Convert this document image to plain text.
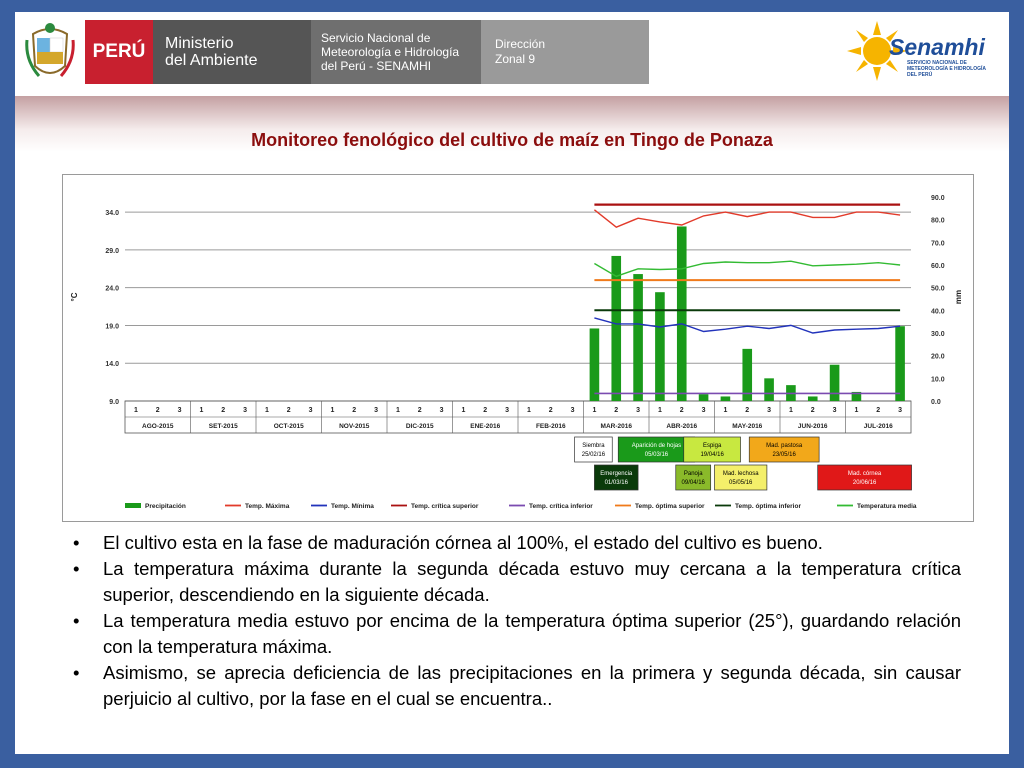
PERÚ	Ministerio
del Ambiente
Servicio Nacional de
Meteorología e Hidrología
del Perú - SENAMHI
Dirección
Zonal 9	Senamhi
SERVICIO NACIONAL DE METEOROLOGÍA E HIDROLOGÍA DEL PERÚ
Monitoreo fenológico del cultivo de maíz en Tingo de Ponaza
9.0
14.0
19.0
24.0
29.0
34.0
0.0
10.0
20.0
30.0
40.0
50.0
60.0
70.0
80.0
90.0
°C	mm
1	2	3	1	2	3	1	2	3	1	2	3	1	2	3	1	2	3	1	2	3	1	2	3	1	2	3	1	2	3	1	2	3	1	2	3
AGO-2015	SET-2015	OCT-2015	NOV-2015	DIC-2015	ENE-2016	FEB-2016	MAR-2016	ABR-2016	MAY-2016	JUN-2016	JUL-2016
Siembra
25/02/16
Aparición de hojas
05/03/16
Espiga
19/04/16
Mad. pastosa
23/05/16
Emergencia
01/03/16
Panoja
09/04/16
Mad. lechosa
05/05/16
Mad. córnea
20/06/16
Precipitación	Temp. Máxima	Temp. Mínima	Temp. crítica superior	Temp. crítica inferior	Temp. óptima superior	Temp. óptima inferior	Temperatura media
• El cultivo esta en la fase de maduración córnea al 100%, el estado del cultivo es bueno.
• La temperatura máxima durante la segunda década estuvo muy cercana a la temperatura crítica superior, descendiendo en la siguiente década.
• La temperatura media estuvo por encima de la temperatura óptima superior (25°), guardando relación con la temperatura máxima.
• Asimismo, se aprecia deficiencia de las precipitaciones en la primera y segunda década, sin causar perjuicio al cultivo, por la fase en el cual se encuentra..
